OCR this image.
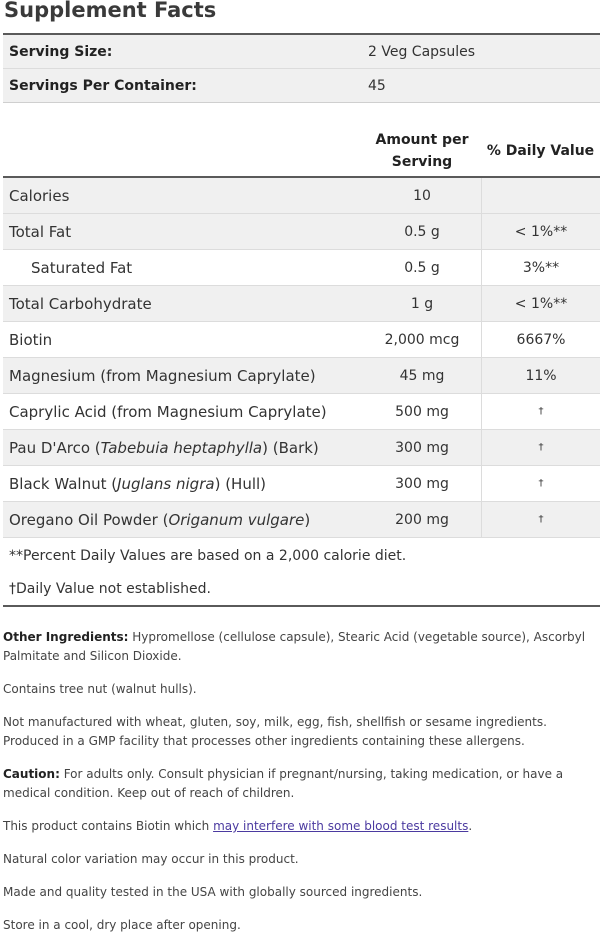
Supplement Facts
Serving Size:	2 Veg Capsules
Servings Per Container:	45
Amount per
Serving
% Daily Value
Calories	10
Total Fat	0.5 g	< 1%**
Saturated Fat	0.5 g	3%**
Total Carbohydrate	1 g	< 1%**
Biotin	2,000 mcg	6667%
Magnesium (from Magnesium Caprylate)	45 mg	11%
Caprylic Acid (from Magnesium Caprylate)	500 mg	†
Pau D'Arco (Tabebuia heptaphylla) (Bark)	300 mg	†
Black Walnut (Juglans nigra) (Hull)	300 mg	†
Oregano Oil Powder (Origanum vulgare)	200 mg	†

**Percent Daily Values are based on a 2,000 calorie diet.

†Daily Value not established.

Other Ingredients: Hypromellose (cellulose capsule), Stearic Acid (vegetable source), Ascorbyl Palmitate and Silicon Dioxide.
Contains tree nut (walnut hulls).
Not manufactured with wheat, gluten, soy, milk, egg, fish, shellfish or sesame ingredients. Produced in a GMP facility that processes other ingredients containing these allergens.
Caution: For adults only. Consult physician if pregnant/nursing, taking medication, or have a medical condition. Keep out of reach of children.
This product contains Biotin which may interfere with some blood test results.
Natural color variation may occur in this product.
Made and quality tested in the USA with globally sourced ingredients.
Store in a cool, dry place after opening.
